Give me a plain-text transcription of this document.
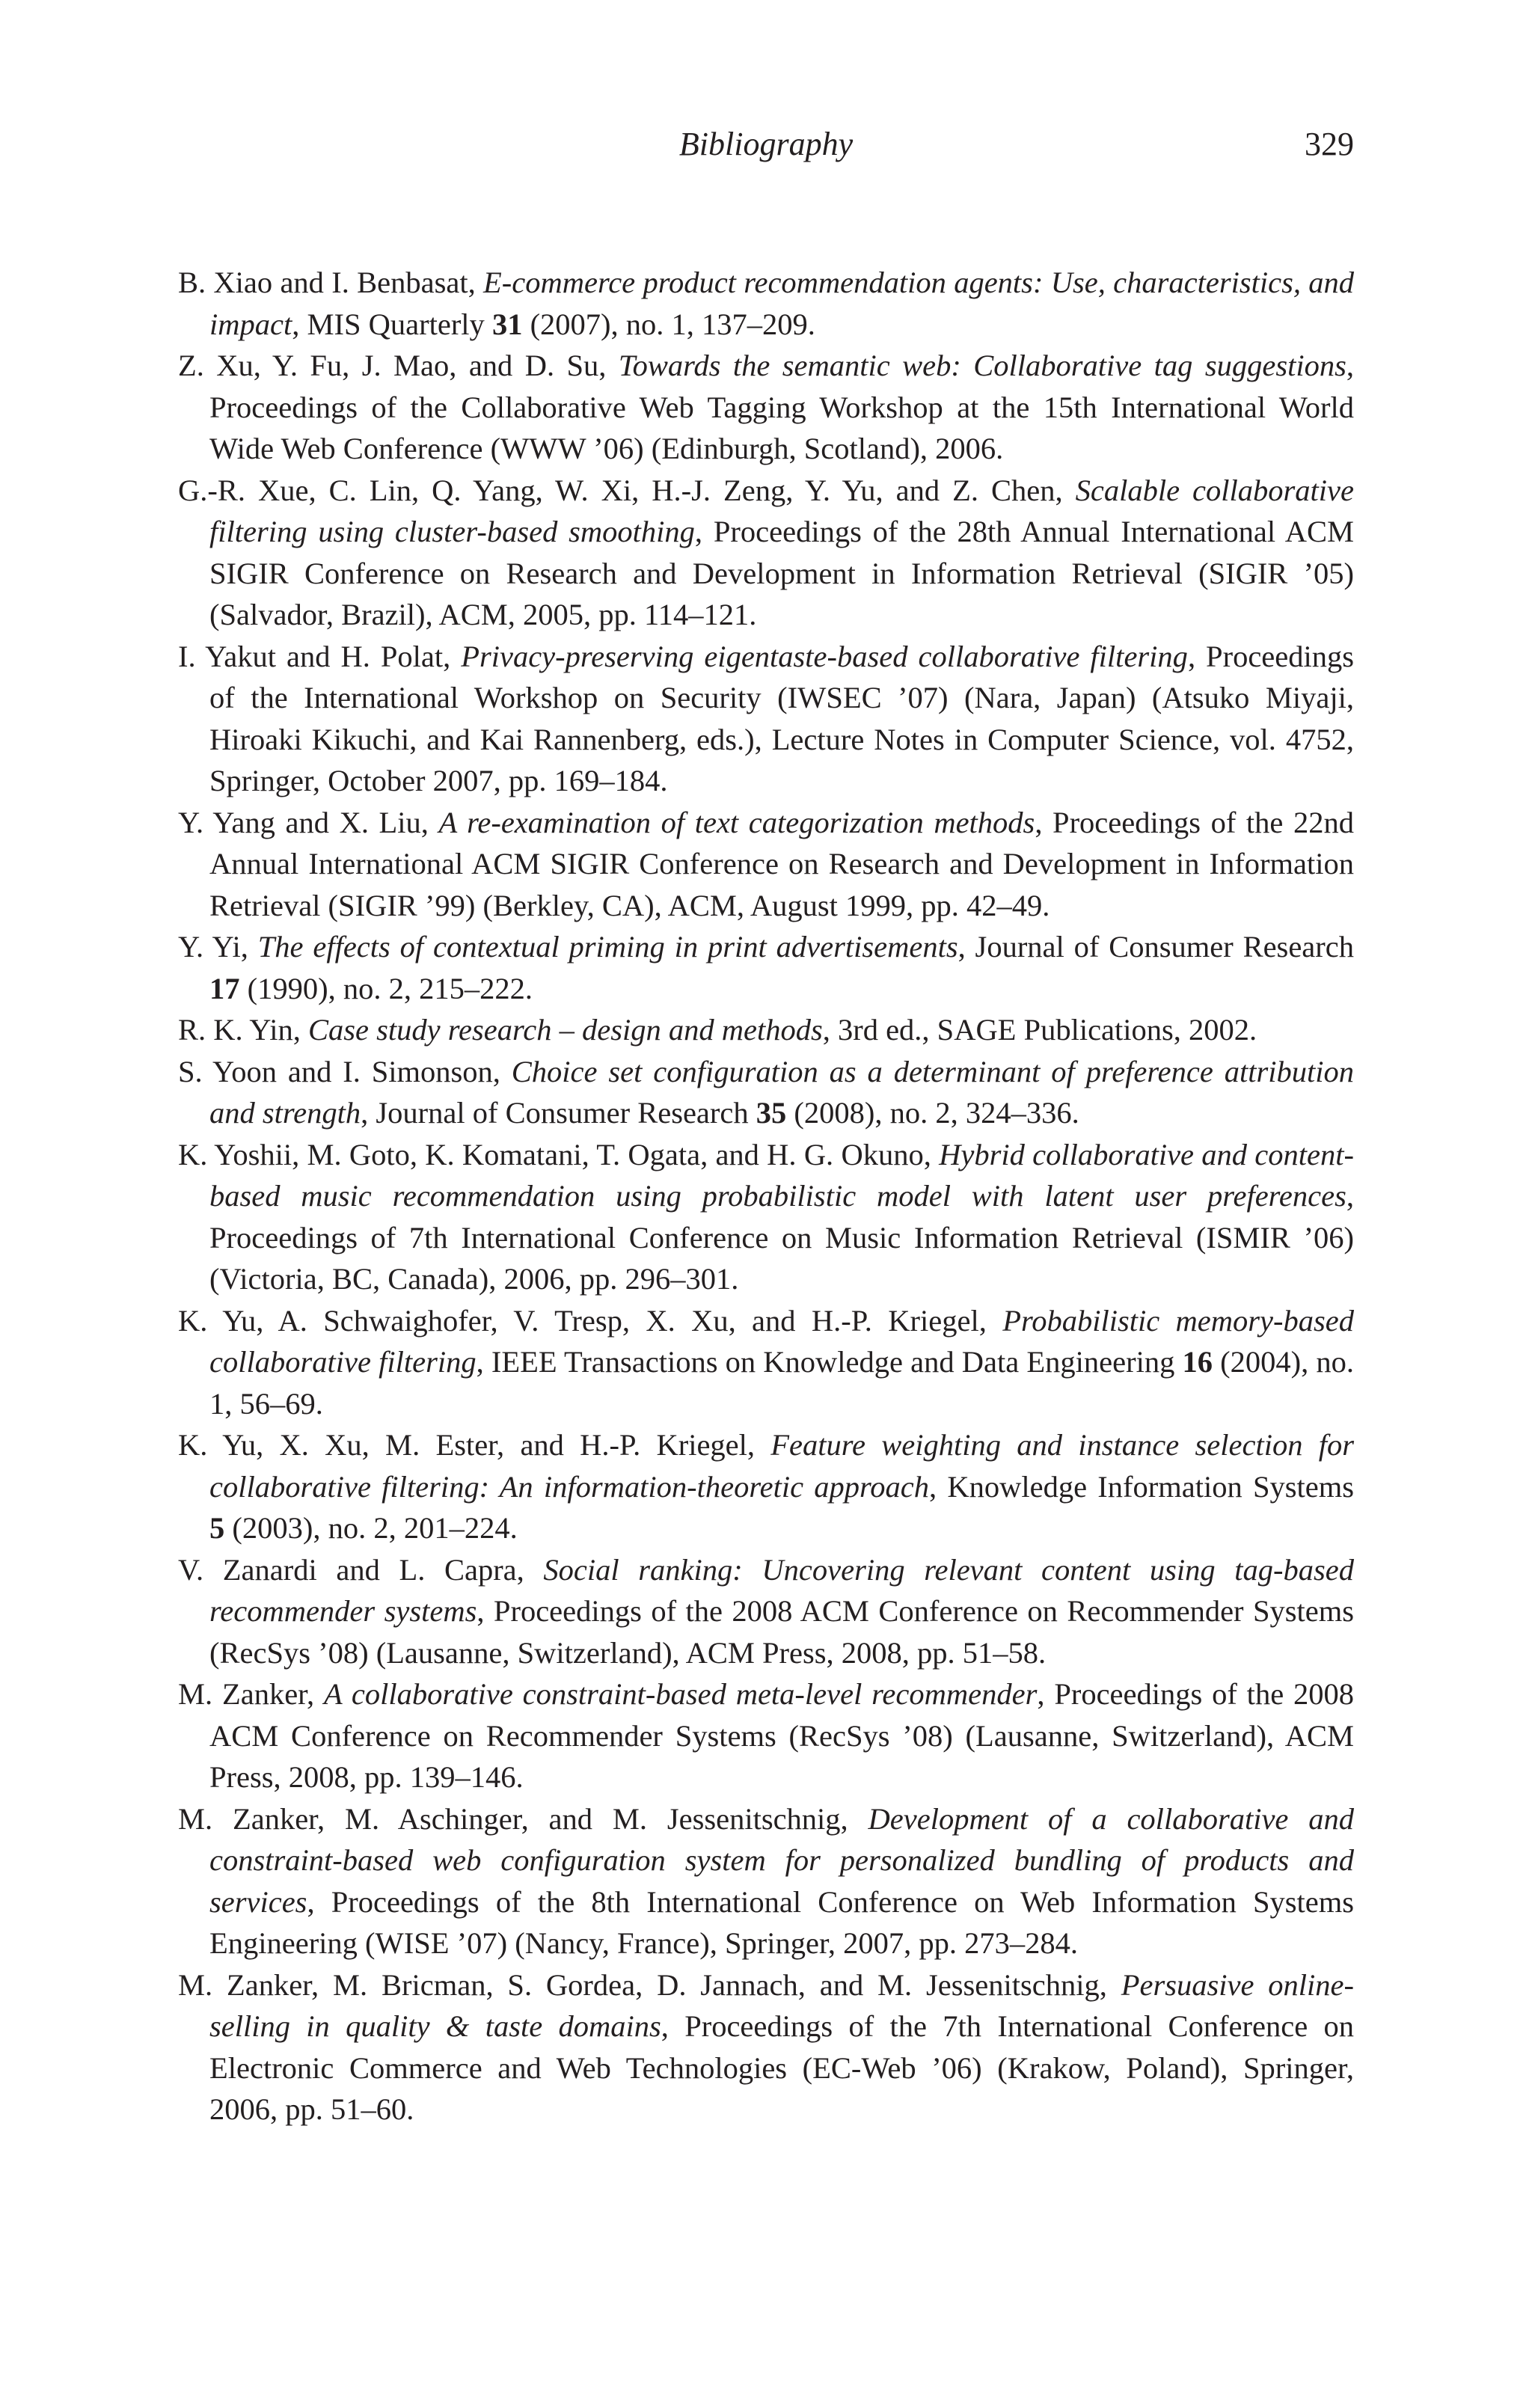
Bibliography	329
B. Xiao and I. Benbasat, E-commerce product recommendation agents: Use, characteristics, and impact, MIS Quarterly 31 (2007), no. 1, 137–209.
Z. Xu, Y. Fu, J. Mao, and D. Su, Towards the semantic web: Collaborative tag suggestions, Proceedings of the Collaborative Web Tagging Workshop at the 15th International World Wide Web Conference (WWW ’06) (Edinburgh, Scotland), 2006.
G.-R. Xue, C. Lin, Q. Yang, W. Xi, H.-J. Zeng, Y. Yu, and Z. Chen, Scalable collaborative filtering using cluster-based smoothing, Proceedings of the 28th Annual International ACM SIGIR Conference on Research and Development in Information Retrieval (SIGIR ’05) (Salvador, Brazil), ACM, 2005, pp. 114–121.
I. Yakut and H. Polat, Privacy-preserving eigentaste-based collaborative filtering, Proceedings of the International Workshop on Security (IWSEC ’07) (Nara, Japan) (Atsuko Miyaji, Hiroaki Kikuchi, and Kai Rannenberg, eds.), Lecture Notes in Computer Science, vol. 4752, Springer, October 2007, pp. 169–184.
Y. Yang and X. Liu, A re-examination of text categorization methods, Proceedings of the 22nd Annual International ACM SIGIR Conference on Research and Development in Information Retrieval (SIGIR ’99) (Berkley, CA), ACM, August 1999, pp. 42–49.
Y. Yi, The effects of contextual priming in print advertisements, Journal of Consumer Research 17 (1990), no. 2, 215–222.
R. K. Yin, Case study research – design and methods, 3rd ed., SAGE Publications, 2002.
S. Yoon and I. Simonson, Choice set configuration as a determinant of preference attribution and strength, Journal of Consumer Research 35 (2008), no. 2, 324–336.
K. Yoshii, M. Goto, K. Komatani, T. Ogata, and H. G. Okuno, Hybrid collaborative and content-based music recommendation using probabilistic model with latent user preferences, Proceedings of 7th International Conference on Music Information Retrieval (ISMIR ’06) (Victoria, BC, Canada), 2006, pp. 296–301.
K. Yu, A. Schwaighofer, V. Tresp, X. Xu, and H.-P. Kriegel, Probabilistic memory-based collaborative filtering, IEEE Transactions on Knowledge and Data Engineering 16 (2004), no. 1, 56–69.
K. Yu, X. Xu, M. Ester, and H.-P. Kriegel, Feature weighting and instance selection for collaborative filtering: An information-theoretic approach, Knowledge Information Systems 5 (2003), no. 2, 201–224.
V. Zanardi and L. Capra, Social ranking: Uncovering relevant content using tag-based recommender systems, Proceedings of the 2008 ACM Conference on Recommender Systems (RecSys ’08) (Lausanne, Switzerland), ACM Press, 2008, pp. 51–58.
M. Zanker, A collaborative constraint-based meta-level recommender, Proceedings of the 2008 ACM Conference on Recommender Systems (RecSys ’08) (Lausanne, Switzerland), ACM Press, 2008, pp. 139–146.
M. Zanker, M. Aschinger, and M. Jessenitschnig, Development of a collaborative and constraint-based web configuration system for personalized bundling of products and services, Proceedings of the 8th International Conference on Web Information Systems Engineering (WISE ’07) (Nancy, France), Springer, 2007, pp. 273–284.
M. Zanker, M. Bricman, S. Gordea, D. Jannach, and M. Jessenitschnig, Persuasive online-selling in quality & taste domains, Proceedings of the 7th International Conference on Electronic Commerce and Web Technologies (EC-Web ’06) (Krakow, Poland), Springer, 2006, pp. 51–60.
